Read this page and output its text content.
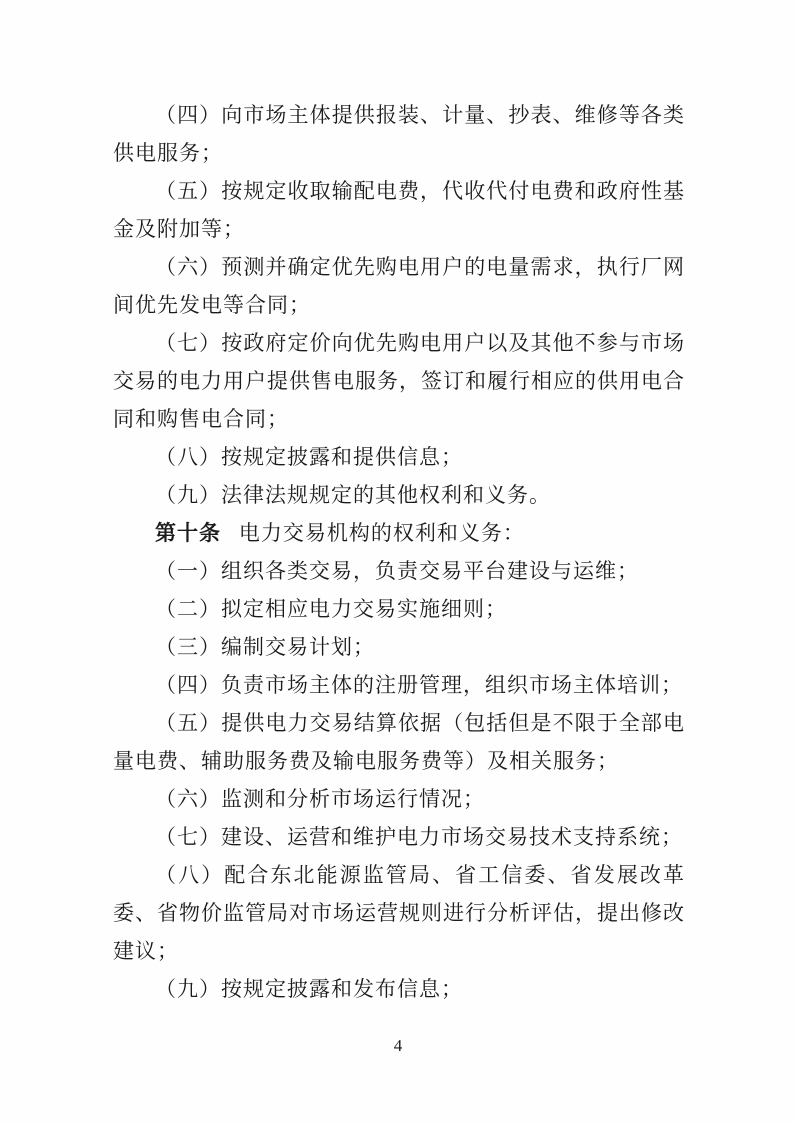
（四）向市场主体提供报装、计量、抄表、维修等各类供电服务；

（五）按规定收取输配电费，代收代付电费和政府性基金及附加等；

（六）预测并确定优先购电用户的电量需求，执行厂网间优先发电等合同；

（七）按政府定价向优先购电用户以及其他不参与市场交易的电力用户提供售电服务，签订和履行相应的供用电合同和购售电合同；

（八）按规定披露和提供信息；

（九）法律法规规定的其他权利和义务。

第十条 电力交易机构的权利和义务：

（一）组织各类交易，负责交易平台建设与运维；

（二）拟定相应电力交易实施细则；

（三）编制交易计划；

（四）负责市场主体的注册管理，组织市场主体培训；

（五）提供电力交易结算依据（包括但是不限于全部电量电费、辅助服务费及输电服务费等）及相关服务；

（六）监测和分析市场运行情况；

（七）建设、运营和维护电力市场交易技术支持系统；

（八）配合东北能源监管局、省工信委、省发展改革委、省物价监管局对市场运营规则进行分析评估，提出修改建议；

（九）按规定披露和发布信息；

4
